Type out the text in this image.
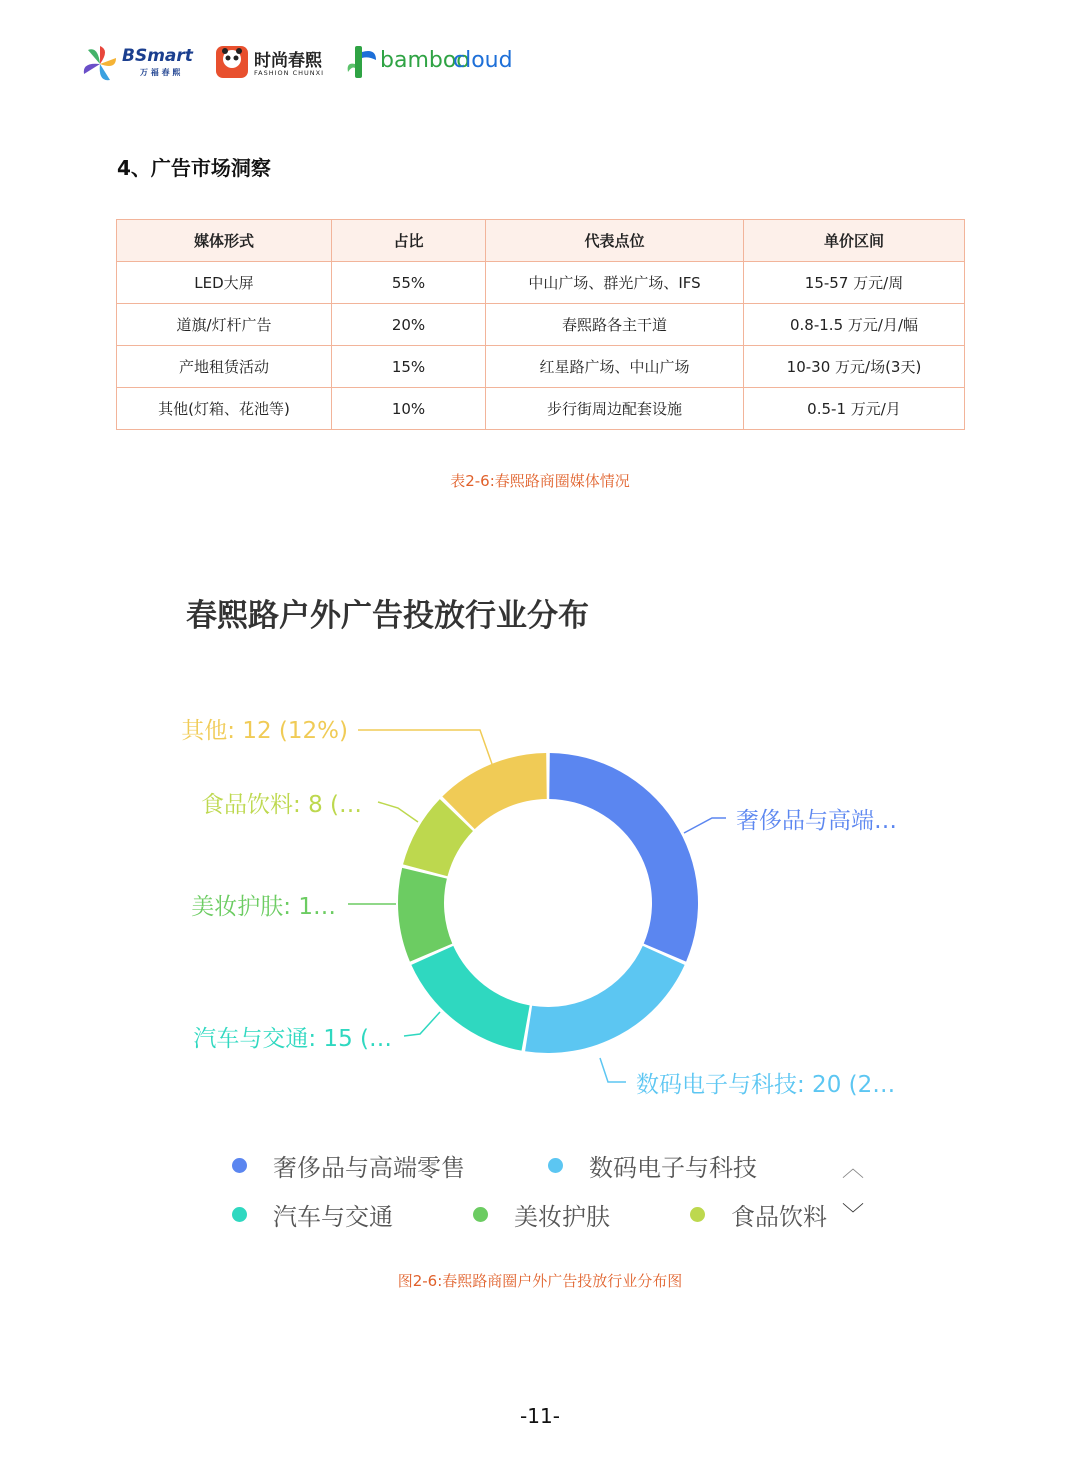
BSmart
万 福 春 熙
时尚春熙
FASHION CHUNXI	bamboo
cloud
4、广告市场洞察
媒体形式	占比	代表点位	单价区间
LED大屏	55%	中山广场、群光广场、IFS	15-57 万元/周
道旗/灯杆广告	20%	春熙路各主干道	0.8-1.5 万元/月/幅
产地租赁活动	15%	红星路广场、中山广场	10-30 万元/场(3天)
其他(灯箱、花池等)	10%	步行街周边配套设施	0.5-1 万元/月
表2-6:春熙路商圈媒体情况
春熙路户外广告投放行业分布
奢侈品与高端…
数码电子与科技: 20 (2…
汽车与交通: 15 (…
美妆护肤: 1…
食品饮料: 8 (…
其他: 12 (12%)
奢侈品与高端零售	数码电子与科技
汽车与交通	美妆护肤	食品饮料
︿
﹀
图2-6:春熙路商圈户外广告投放行业分布图
-11-
